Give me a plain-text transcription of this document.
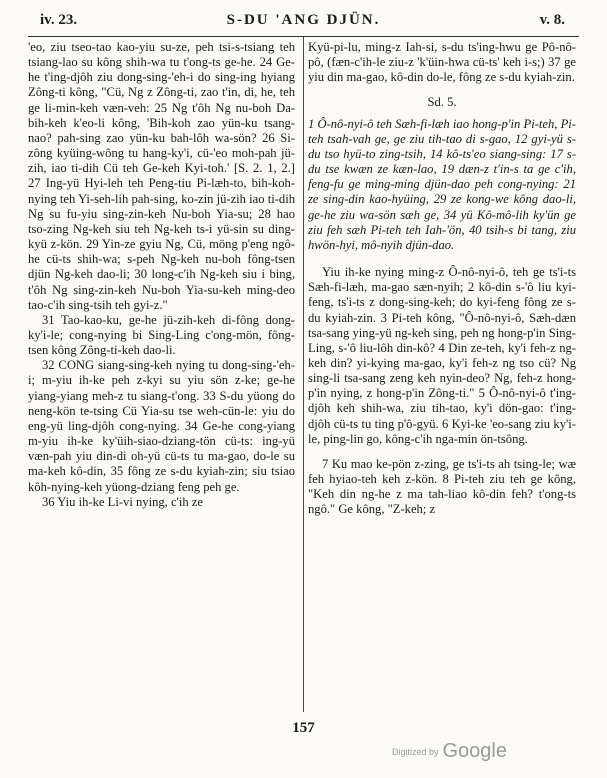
iv. 23.	S-DU 'ANG DJÜN.	v. 8.

'eo, ziu tseo-tao kao-yiu su-ze, peh tsi-s-tsiang teh tsiang-lao su kông shih-wa tu t'ong-ts ge-he. 24 Ge-he t'ing-djôh ziu dong-sing-'eh-i do sing-ing hyiang Zông-ti kông, "Cü, Ng z Zông-ti, zao t'in, di, he, teh ge li-min-keh væn-veh: 25 Ng t'ôh Ng nu-boh Da-bih-keh k'eo-li kông, 'Bih-koh zao yün-ku tsang-nao? pah-sing zao yün-ku bah-lôh wa-sön? 26 Si-zông kyüing-wông tu hang-ky'i, cü-'eo moh-pah jü-zih, iao ti-dih Cü teh Ge-keh Kyi-toh.' [S. 2. 1, 2.] 27 Ing-yü Hyi-leh teh Peng-tiu Pi-læh-to, bih-koh-nying teh Yi-seh-lih pah-sing, ko-zin jü-zih iao ti-dih Ng su fu-yiu sing-zin-keh Nu-boh Yia-su; 28 hao tso-zing Ng-keh siu teh Ng-keh ts-i yü-sin su ding-kyü z-kön. 29 Yin-ze gyiu Ng, Cü, möng p'eng ngô-he cü-ts shih-wa; s-peh Ng-keh nu-boh fông-tsen djün Ng-keh dao-li; 30 long-c'ih Ng-keh siu i bing, t'ôh Ng sing-zin-keh Nu-boh Yia-su-keh ming-deo tao-c'ih sing-tsih teh gyi-z."

31 Tao-kao-ku, ge-he jü-zih-keh di-fông dong-ky'i-le; cong-nying bi Sing-Ling c'ong-mön, fông-tsen kông Zông-ti-keh dao-li.

32 CONG siang-sing-keh nying tu dong-sing-'eh-i; m-yiu ih-ke peh z-kyi su yiu sön z-ke; ge-he yiang-yiang meh-z tu siang-t'ong. 33 S-du yüong do neng-kön te-tsing Cü Yia-su tse weh-cün-le: yiu do eng-yü ling-djôh cong-nying. 34 Ge-he cong-yiang m-yiu ih-ke ky'üih-siao-dziang-tön cü-ts: ing-yü væn-pah yiu din-di oh-yü cü-ts tu ma-gao, do-le su ma-keh kô-din, 35 fông ze s-du kyiah-zin; siu tsiao kôh-nying-keh yüong-dziang feng peh ge.

36 Yiu ih-ke Li-vi nying, c'ih ze

Kyü-pi-lu, ming-z Iah-si, s-du ts'ing-hwu ge Pô-nô-pô, (fæn-c'ih-le ziu-z 'k'üin-hwa cü-ts' keh i-s;) 37 ge yiu din ma-gao, kô-din do-le, fông ze s-du kyiah-zin.

Sd. 5.

1 Ô-nô-nyi-ô teh Sæh-fi-læh iao hong-p'in Pi-teh, Pi-teh tsah-vah ge, ge ziu tih-tao di s-gao, 12 gyi-yü s-du tso hyü-to zing-tsih, 14 kô-ts'eo siang-sing: 17 s-du tse kwæn ze kæn-lao, 19 dæn-z t'in-s ta ge c'ih, feng-fu ge ming-ming djün-dao peh cong-nying: 21 ze sing-din kao-hyüing, 29 ze kong-we kông dao-li, ge-he ziu wa-sön sæh ge, 34 yü Kô-mô-lih ky'ün ge ziu feh sæh Pi-teh teh Iah-'ön, 40 tsih-s bi tang, ziu hwön-hyi, mô-nyih djün-dao.

Yiu ih-ke nying ming-z Ô-nô-nyi-ô, teh ge ts'i-ts Sæh-fi-læh, ma-gao sæn-nyih; 2 kô-din s-'ô liu kyi-feng, ts'i-ts z dong-sing-keh; do kyi-feng fông ze s-du kyiah-zin. 3 Pi-teh kông, "Ô-nô-nyi-ô, Sæh-dæn tsa-sang ying-yü ng-keh sing, peh ng hong-p'in Sing-Ling, s-'ô liu-lôh din-kô? 4 Din ze-teh, ky'i feh-z ng-keh din? yi-kying ma-gao, ky'i feh-z ng tso cü? Ng sing-li tsa-sang zeng keh nyin-deo? Ng, feh-z hong-p'in nying, z hong-p'in Zông-ti." 5 Ô-nô-nyi-ô t'ing-djôh keh shih-wa, ziu tih-tao, ky'i dön-gao: t'ing-djôh cü-ts tu ting p'ô-gyü. 6 Kyi-ke 'eo-sang ziu ky'i-le, ping-lin go, kông-c'ih nga-min ön-tsông.

7 Ku mao ke-pön z-zing, ge ts'i-ts ah tsing-le; wæ feh hyiao-teh keh z-kön. 8 Pi-teh ziu teh ge kông, "Keh din ng-he z ma tah-liao kô-din feh? t'ong-ts ngô." Ge kông, "Z-keh; z

157
Digitized by Google
